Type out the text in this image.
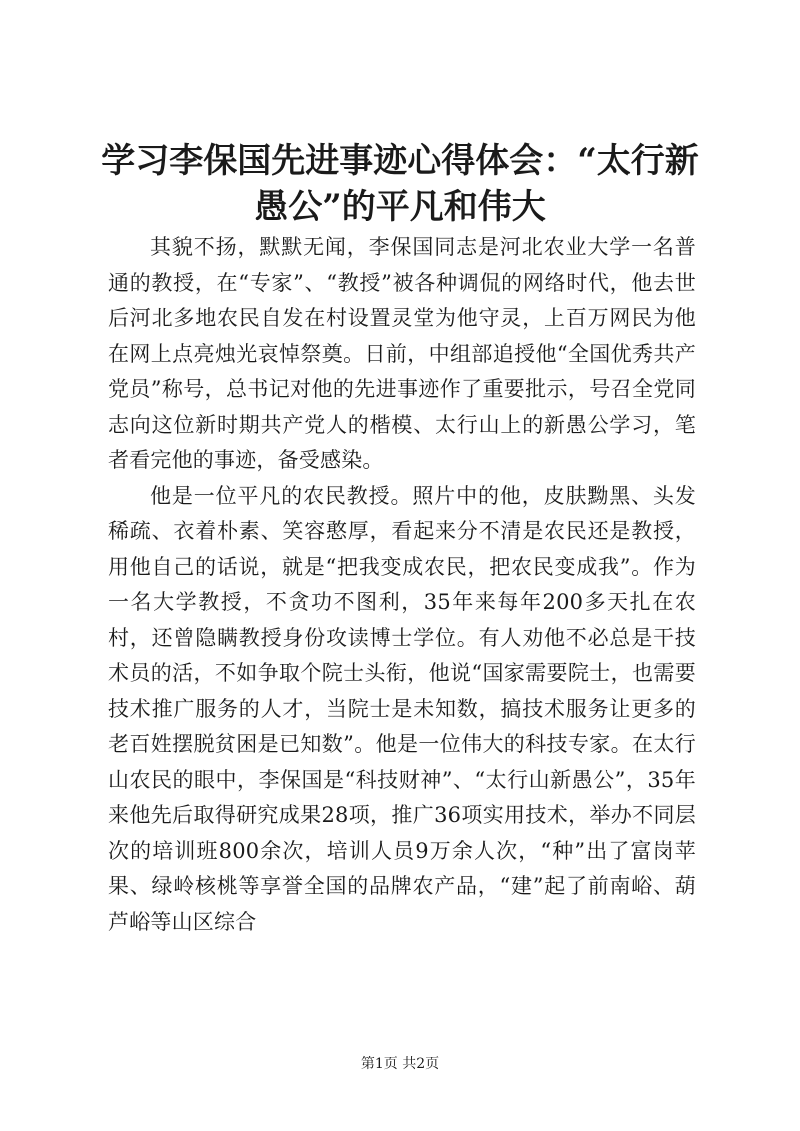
学习李保国先进事迹心得体会：“太行新愚公”的平凡和伟大

其貌不扬，默默无闻，李保国同志是河北农业大学一名普通的教授，在“专家”、“教授”被各种调侃的网络时代，他去世后河北多地农民自发在村设置灵堂为他守灵，上百万网民为他在网上点亮烛光哀悼祭奠。日前，中组部追授他“全国优秀共产党员”称号，总书记对他的先进事迹作了重要批示，号召全党同志向这位新时期共产党人的楷模、太行山上的新愚公学习，笔者看完他的事迹，备受感染。

他是一位平凡的农民教授。照片中的他，皮肤黝黑、头发稀疏、衣着朴素、笑容憨厚，看起来分不清是农民还是教授，用他自己的话说，就是“把我变成农民，把农民变成我”。作为一名大学教授，不贪功不图利，35年来每年200多天扎在农村，还曾隐瞒教授身份攻读博士学位。有人劝他不必总是干技术员的活，不如争取个院士头衔，他说“国家需要院士，也需要技术推广服务的人才，当院士是未知数，搞技术服务让更多的老百姓摆脱贫困是已知数”。他是一位伟大的科技专家。在太行山农民的眼中，李保国是“科技财神”、“太行山新愚公”，35年来他先后取得研究成果28项，推广36项实用技术，举办不同层次的培训班800余次，培训人员9万余人次，“种”出了富岗苹果、绿岭核桃等享誉全国的品牌农产品，“建”起了前南峪、葫芦峪等山区综合

第1页 共2页
